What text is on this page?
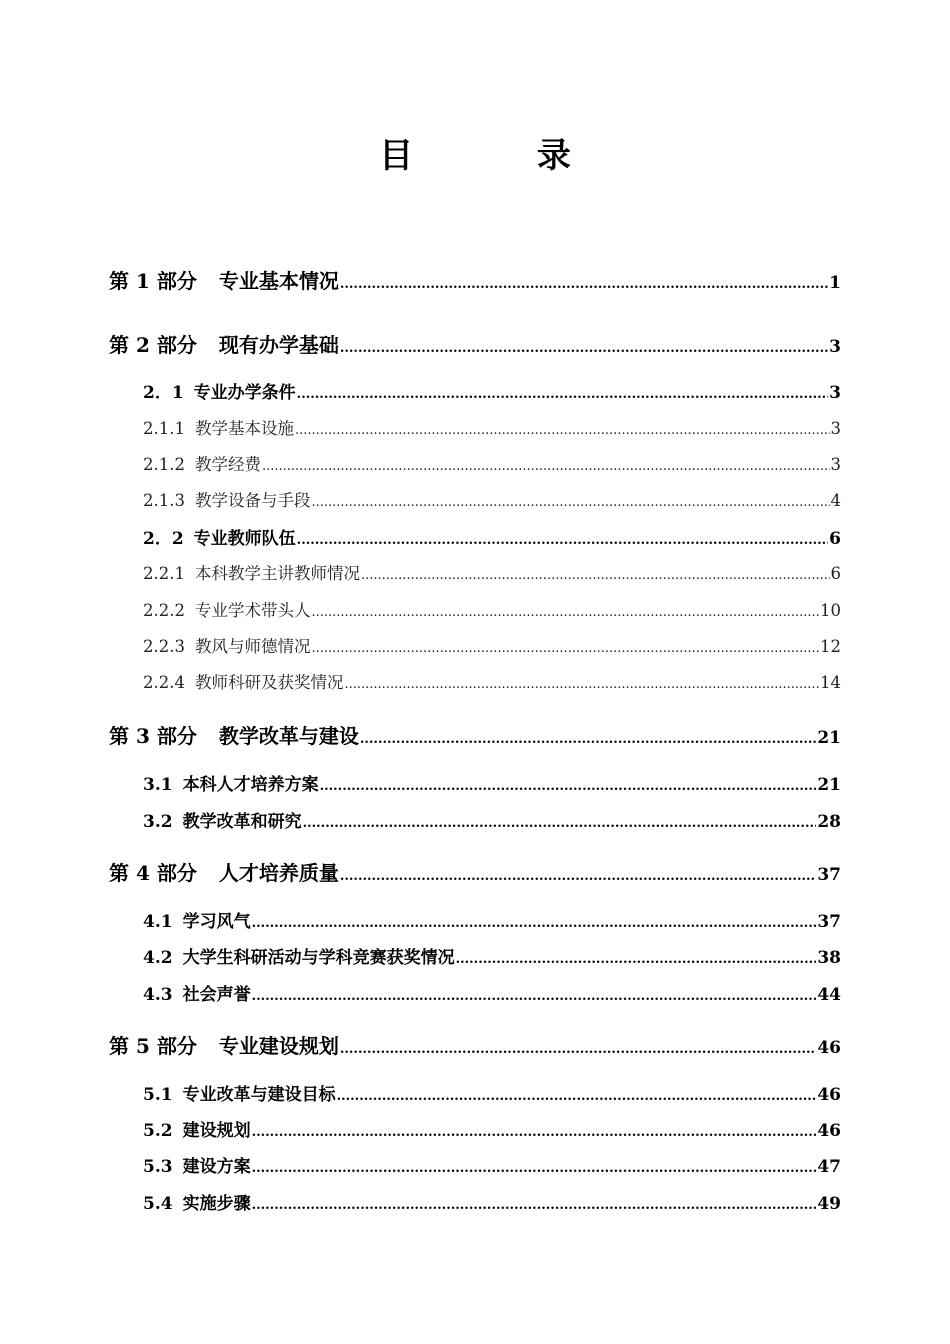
目	录
第 1 部分 专业基本情况 .....	1
第 2 部分 现有办学基础 .....	3
2．1 专业办学条件 .....	3
2.1.1 教学基本设施 .....	3
2.1.2 教学经费 .....	3
2.1.3 教学设备与手段 .....	4
2．2 专业教师队伍 .....	6
2.2.1 本科教学主讲教师情况 .....	6
2.2.2 专业学术带头人 .....	10
2.2.3 教风与师德情况 .....	12
2.2.4 教师科研及获奖情况 .....	14
第 3 部分 教学改革与建设 .....	21
3.1 本科人才培养方案 .....	21
3.2 教学改革和研究 .....	28
第 4 部分 人才培养质量 .....	37
4.1 学习风气 .....	37
4.2 大学生科研活动与学科竞赛获奖情况 .....	38
4.3 社会声誉 .....	44
第 5 部分 专业建设规划 .....	46
5.1 专业改革与建设目标 .....	46
5.2 建设规划 .....	46
5.3 建设方案 .....	47
5.4 实施步骤 .....	49
